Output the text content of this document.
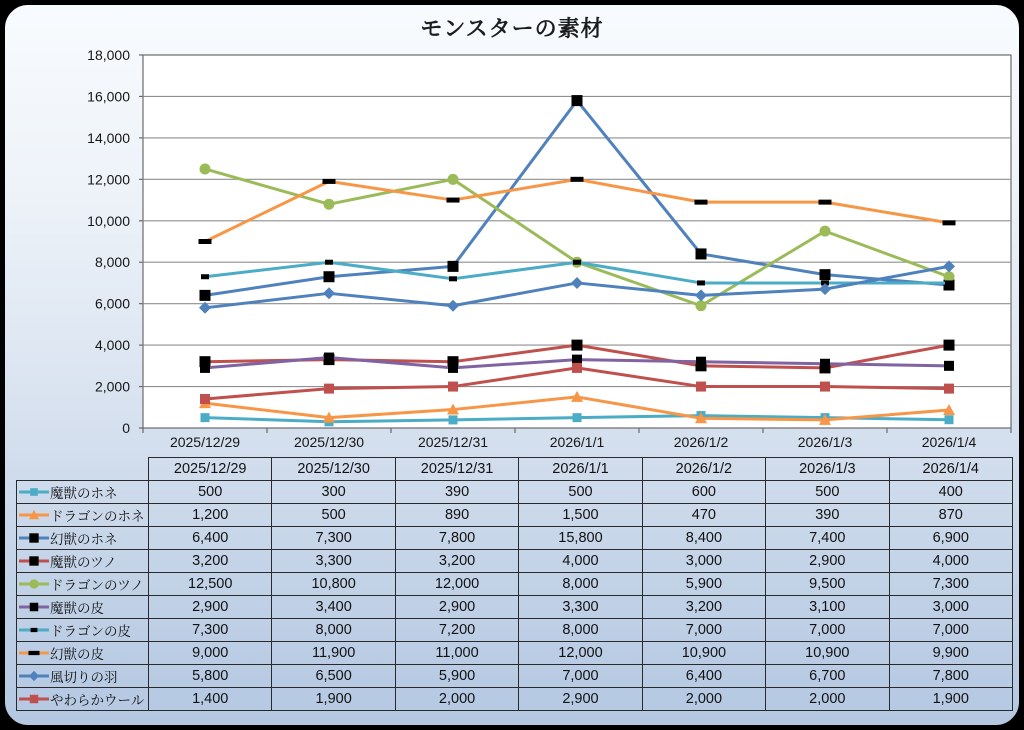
モンスターの素材
0
2,000
4,000
6,000
8,000
10,000
12,000
14,000
16,000
18,000
2025/12/29	2025/12/30	2025/12/31	2026/1/1	2026/1/2	2026/1/3	2026/1/4
	2025/12/29	2025/12/30	2025/12/31	2026/1/1	2026/1/2	2026/1/3	2026/1/4

魔獣のホネ	500	300	390	500	600	500	400

ドラゴンのホネ	1,200	500	890	1,500	470	390	870

幻獣のホネ	6,400	7,300	7,800	15,800	8,400	7,400	6,900

魔獣のツノ	3,200	3,300	3,200	4,000	3,000	2,900	4,000

ドラゴンのツノ	12,500	10,800	12,000	8,000	5,900	9,500	7,300

魔獣の皮	2,900	3,400	2,900	3,300	3,200	3,100	3,000

ドラゴンの皮	7,300	8,000	7,200	8,000	7,000	7,000	7,000

幻獣の皮	9,000	11,900	11,000	12,000	10,900	10,900	9,900

風切りの羽	5,800	6,500	5,900	7,000	6,400	6,700	7,800

やわらかウール	1,400	1,900	2,000	2,900	2,000	2,000	1,900
